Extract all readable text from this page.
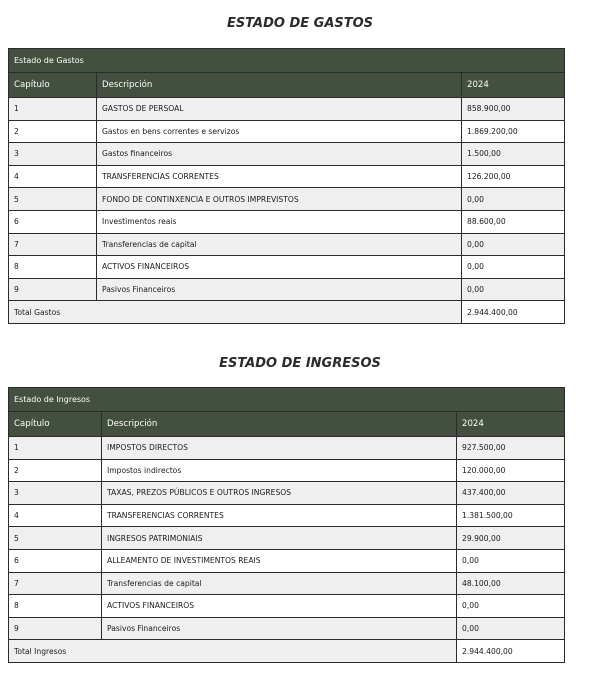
ESTADO DE GASTOS
Estado de Gastos		
Capítulo	Descripción	2024
1	GASTOS DE PERSOAL	858.900,00
2	Gastos en bens correntes e servizos	1.869.200,00
3	Gastos financeiros	1.500,00
4	TRANSFERENCIAS CORRENTES	126.200,00
5	FONDO DE CONTINXENCIA E OUTROS IMPREVISTOS	0,00
6	Investimentos reais	88.600,00
7	Transferencias de capital	0,00
8	ACTIVOS FINANCEIROS	0,00
9	Pasivos Financeiros	0,00
Total Gastos		2.944.400,00
ESTADO DE INGRESOS
Estado de Ingresos		
Capítulo	Descripción	2024
1	IMPOSTOS DIRECTOS	927.500,00
2	Impostos indirectos	120.000,00
3	TAXAS, PREZOS PÚBLICOS E OUTROS INGRESOS	437.400,00
4	TRANSFERENCIAS CORRENTES	1.381.500,00
5	INGRESOS PATRIMONIAIS	29.900,00
6	ALLEAMENTO DE INVESTIMENTOS REAIS	0,00
7	Transferencias de capital	48.100,00
8	ACTIVOS FINANCEIROS	0,00
9	Pasivos Financeiros	0,00
Total Ingresos		2.944.400,00
